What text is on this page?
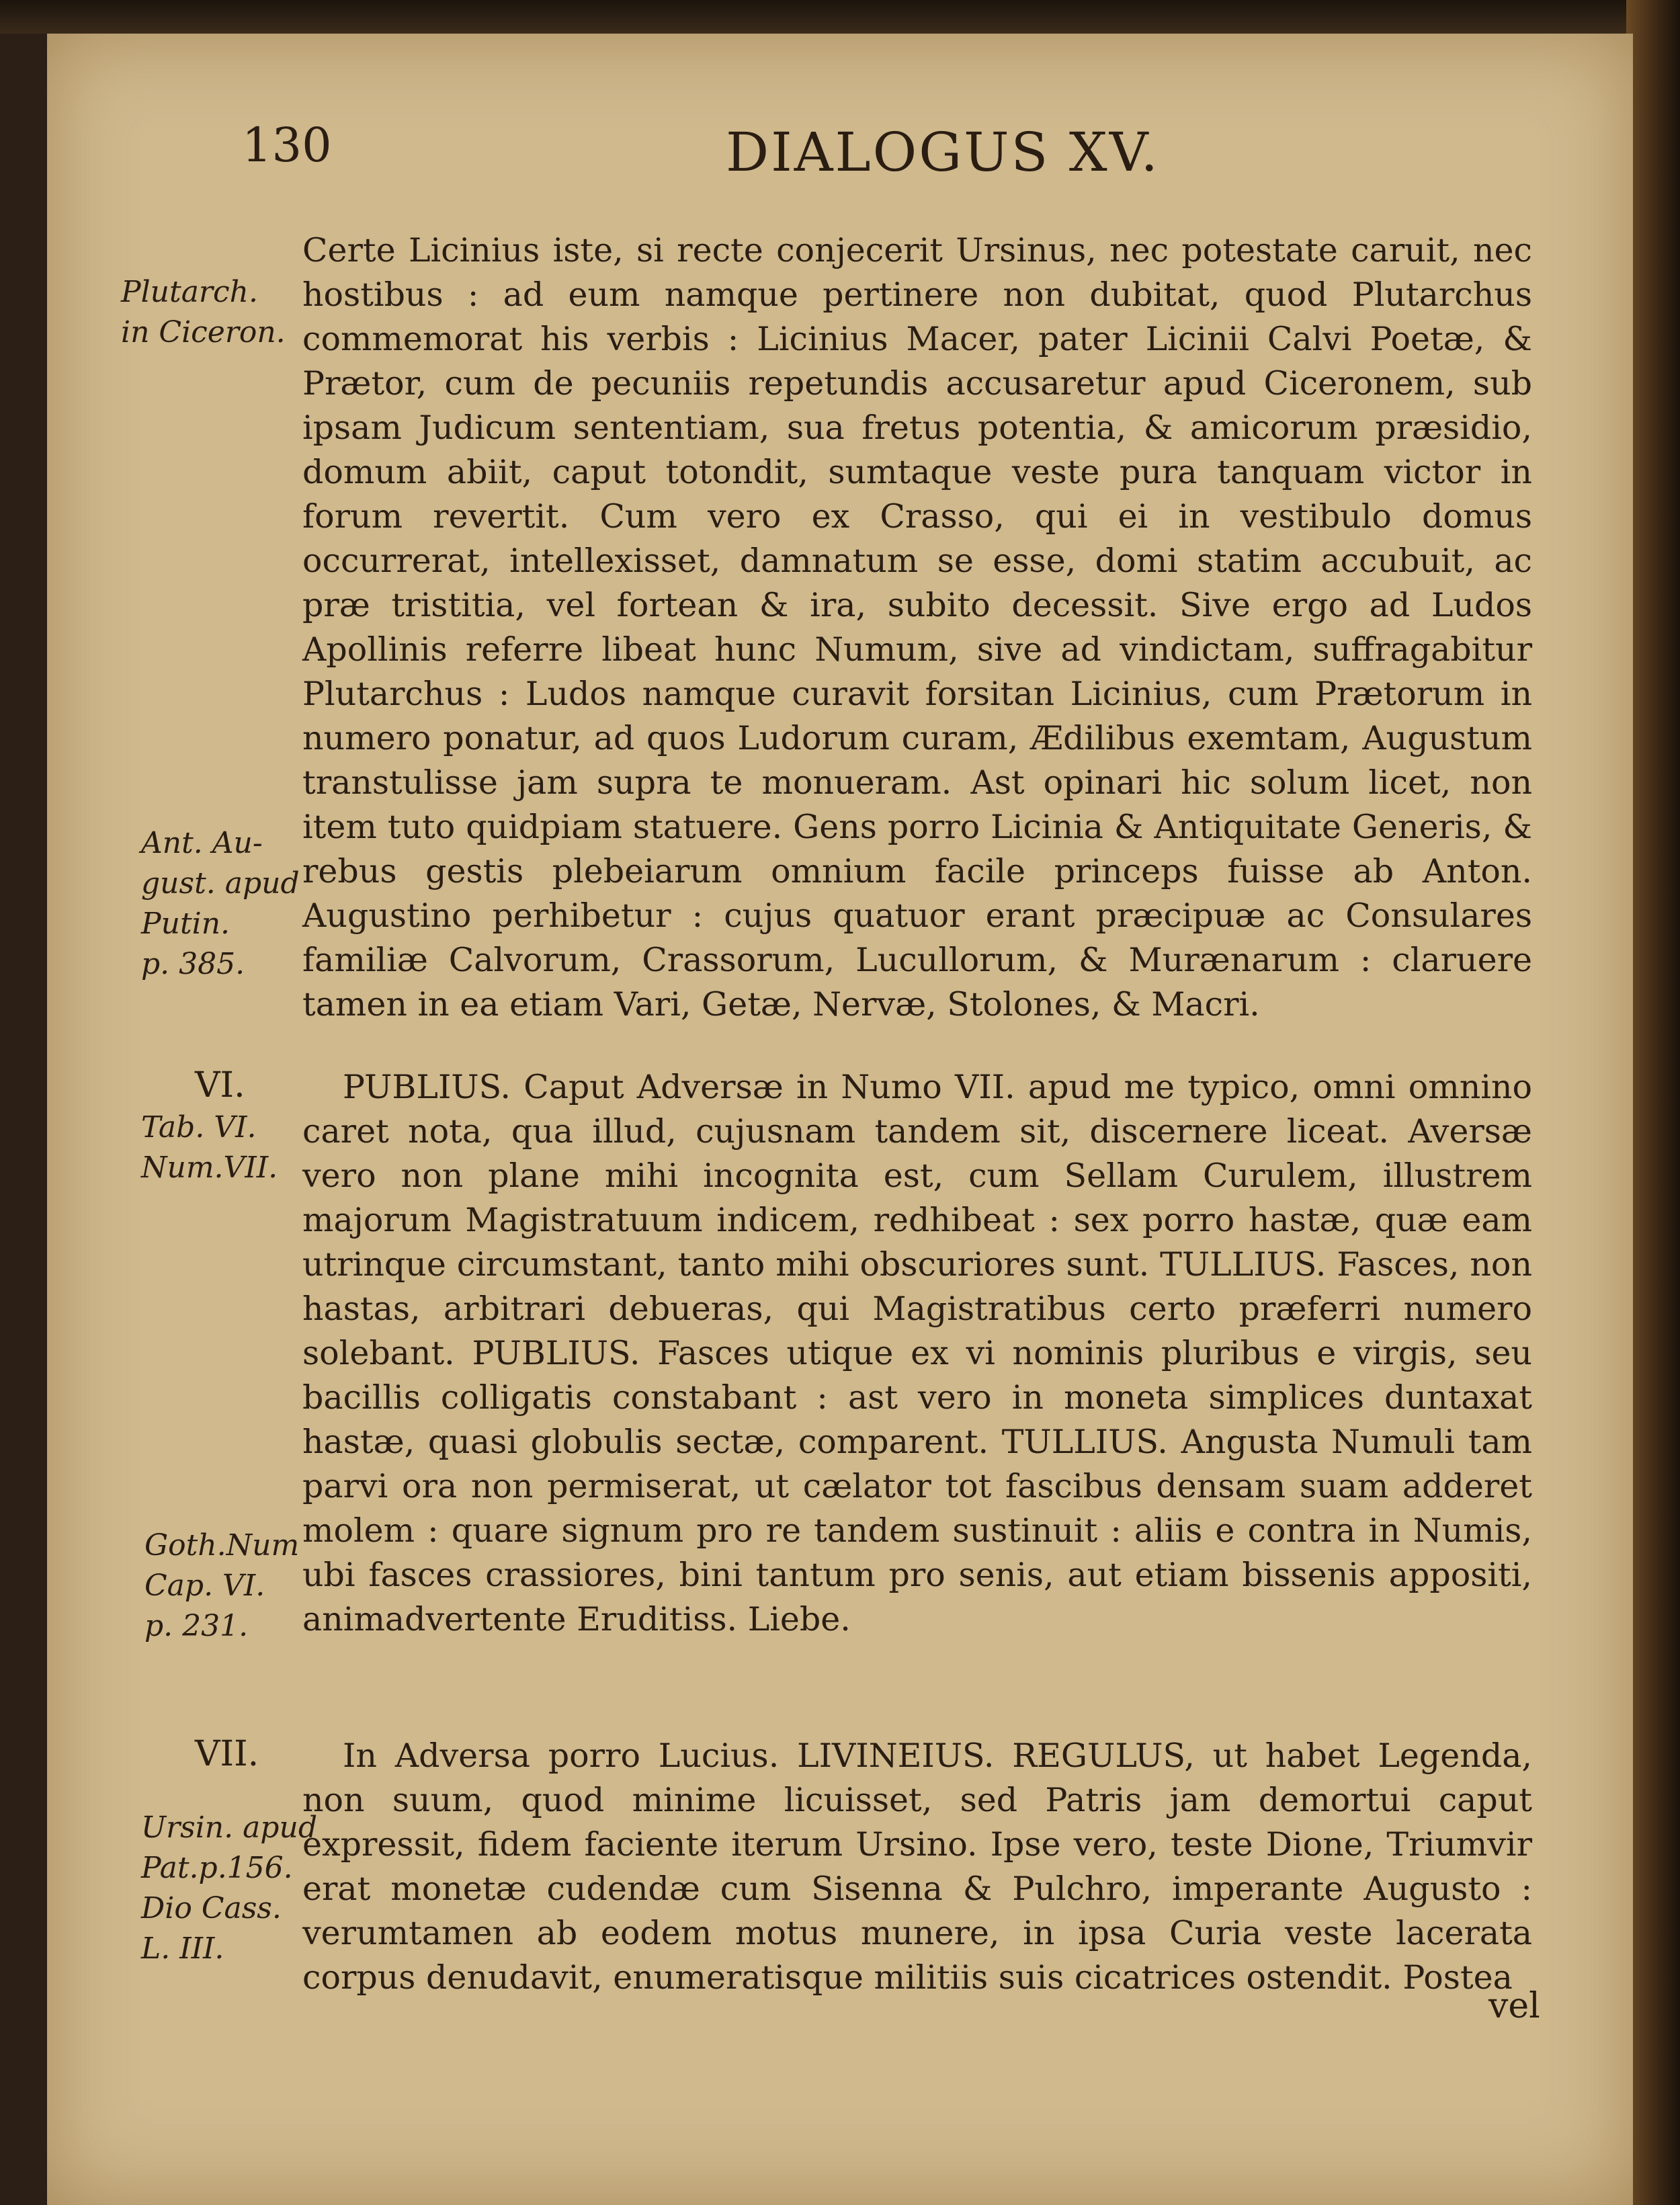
130	DIALOGUS XV.
Plutarch.
in Ciceron.
Ant. Au-
gust. apud
Putin.
p. 385.
VI.
Tab. VI.
Num.VII.
Goth.Num
Cap. VI.
p. 231.
VII.
Ursin. apud
Pat.p.156.
Dio Cass.
L. III.

Certe Licinius iste, si recte conjecerit Ursinus, nec potestate caruit, nec hostibus : ad eum namque pertinere non dubitat, quod Plutarchus commemorat his verbis : Licinius Macer, pater Licinii Calvi Poetæ, & Prætor, cum de pecuniis repetundis accusaretur apud Ciceronem, sub ipsam Judicum sententiam, sua fretus potentia, & amicorum præsidio, domum abiit, caput totondit, sumtaque veste pura tanquam victor in forum revertit. Cum vero ex Crasso, qui ei in vestibulo domus occurrerat, intellexisset, damnatum se esse, domi statim accubuit, ac præ tristitia, vel fortean & ira, subito decessit. Sive ergo ad Ludos Apollinis referre libeat hunc Numum, sive ad vindictam, suffragabitur Plutarchus : Ludos namque curavit forsitan Licinius, cum Prætorum in numero ponatur, ad quos Ludorum curam, Ædilibus exemtam, Augustum transtulisse jam supra te monueram. Ast opinari hic solum licet, non item tuto quidpiam statuere. Gens porro Licinia & Antiquitate Generis, & rebus gestis plebeiarum omnium facile princeps fuisse ab Anton. Augustino perhibetur : cujus quatuor erant præcipuæ ac Consulares familiæ Calvorum, Crassorum, Lucullorum, & Murænarum : claruere tamen in ea etiam Vari, Getæ, Nervæ, Stolones, & Macri.

PUBLIUS. Caput Adversæ in Numo VII. apud me typico, omni omnino caret nota, qua illud, cujusnam tandem sit, discernere liceat. Aversæ vero non plane mihi incognita est, cum Sellam Curulem, illustrem majorum Magistratuum indicem, redhibeat : sex porro hastæ, quæ eam utrinque circumstant, tanto mihi obscuriores sunt. TULLIUS. Fasces, non hastas, arbitrari debueras, qui Magistratibus certo præferri numero solebant. PUBLIUS. Fasces utique ex vi nominis pluribus e virgis, seu bacillis colligatis constabant : ast vero in moneta simplices duntaxat hastæ, quasi globulis sectæ, comparent. TULLIUS. Angusta Numuli tam parvi ora non permiserat, ut cælator tot fascibus densam suam adderet molem : quare signum pro re tandem sustinuit : aliis e contra in Numis, ubi fasces crassiores, bini tantum pro senis, aut etiam bissenis appositi, animadvertente Eruditiss. Liebe.

In Adversa porro Lucius. LIVINEIUS. REGULUS, ut habet Legenda, non suum, quod minime licuisset, sed Patris jam demortui caput expressit, fidem faciente iterum Ursino. Ipse vero, teste Dione, Triumvir erat monetæ cudendæ cum Sisenna & Pulchro, imperante Augusto : verumtamen ab eodem motus munere, in ipsa Curia veste lacerata corpus denudavit, enumeratisque militiis suis cicatrices ostendit. Postea

vel
